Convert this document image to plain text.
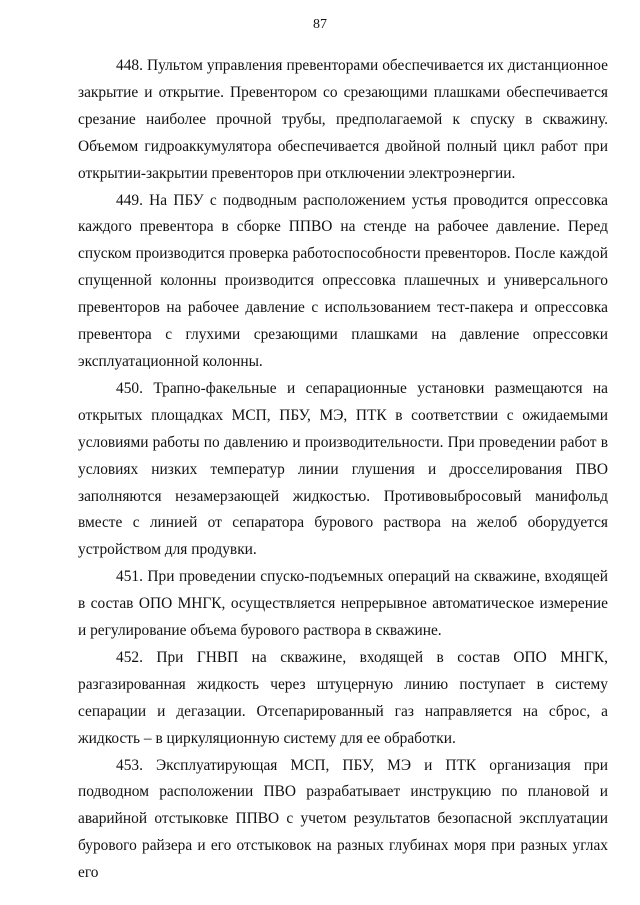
87

448. Пультом управления превенторами обеспечивается их дистанционное закрытие и открытие. Превентором со срезающими плашками обеспечивается срезание наиболее прочной трубы, предполагаемой к спуску в скважину. Объемом гидроаккумулятора обеспечивается двойной полный цикл работ при открытии-закрытии превенторов при отключении электроэнергии.

449. На ПБУ с подводным расположением устья проводится опрессовка каждого превентора в сборке ППВО на стенде на рабочее давление. Перед спуском производится проверка работоспособности превенторов. После каждой спущенной колонны производится опрессовка плашечных и универсального превенторов на рабочее давление с использованием тест-пакера и опрессовка превентора с глухими срезающими плашками на давление опрессовки эксплуатационной колонны.

450. Трапно-факельные и сепарационные установки размещаются на открытых площадках МСП, ПБУ, МЭ, ПТК в соответствии с ожидаемыми условиями работы по давлению и производительности. При проведении работ в условиях низких температур линии глушения и дросселирования ПВО заполняются незамерзающей жидкостью. Противовыбросовый манифольд вместе с линией от сепаратора бурового раствора на желоб оборудуется устройством для продувки.

451. При проведении спуско-подъемных операций на скважине, входящей в состав ОПО МНГК, осуществляется непрерывное автоматическое измерение и регулирование объема бурового раствора в скважине.

452. При ГНВП на скважине, входящей в состав ОПО МНГК, разгазированная жидкость через штуцерную линию поступает в систему сепарации и дегазации. Отсепарированный газ направляется на сброс, а жидкость – в циркуляционную систему для ее обработки.

453. Эксплуатирующая МСП, ПБУ, МЭ и ПТК организация при подводном расположении ПВО разрабатывает инструкцию по плановой и аварийной отстыковке ППВО с учетом результатов безопасной эксплуатации бурового райзера и его отстыковок на разных глубинах моря при разных углах его
